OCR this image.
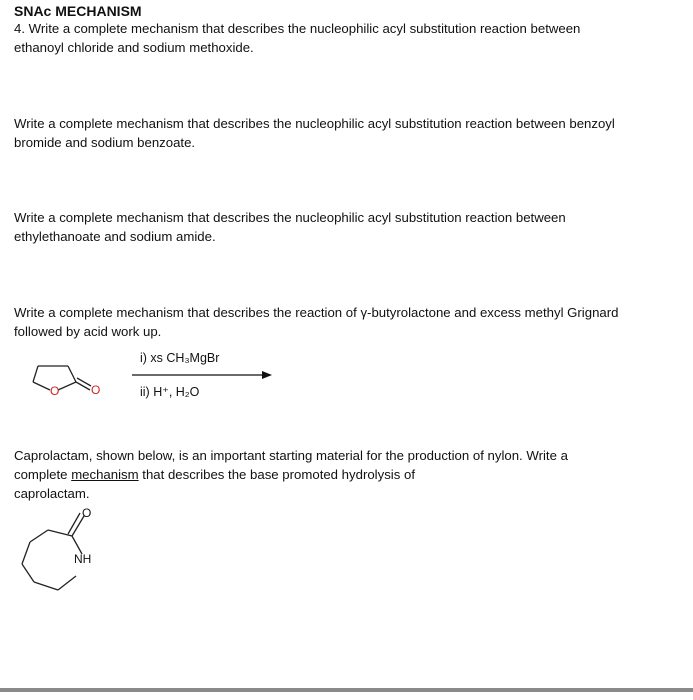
SNAc MECHANISM

4. Write a complete mechanism that describes the nucleophilic acyl substitution reaction between

ethanoyl chloride and sodium methoxide.

Write a complete mechanism that describes the nucleophilic acyl substitution reaction between benzoyl

bromide and sodium benzoate.

Write a complete mechanism that describes the nucleophilic acyl substitution reaction between

ethylethanoate and sodium amide.

Write a complete mechanism that describes the reaction of γ-butyrolactone and excess methyl Grignard

followed by acid work up.

O	O

i) xs CH₃MgBr

ii) H⁺, H₂O

Caprolactam, shown below, is an important starting material for the production of nylon. Write a

complete mechanism that describes the base promoted hydrolysis of

caprolactam.

O
NH
